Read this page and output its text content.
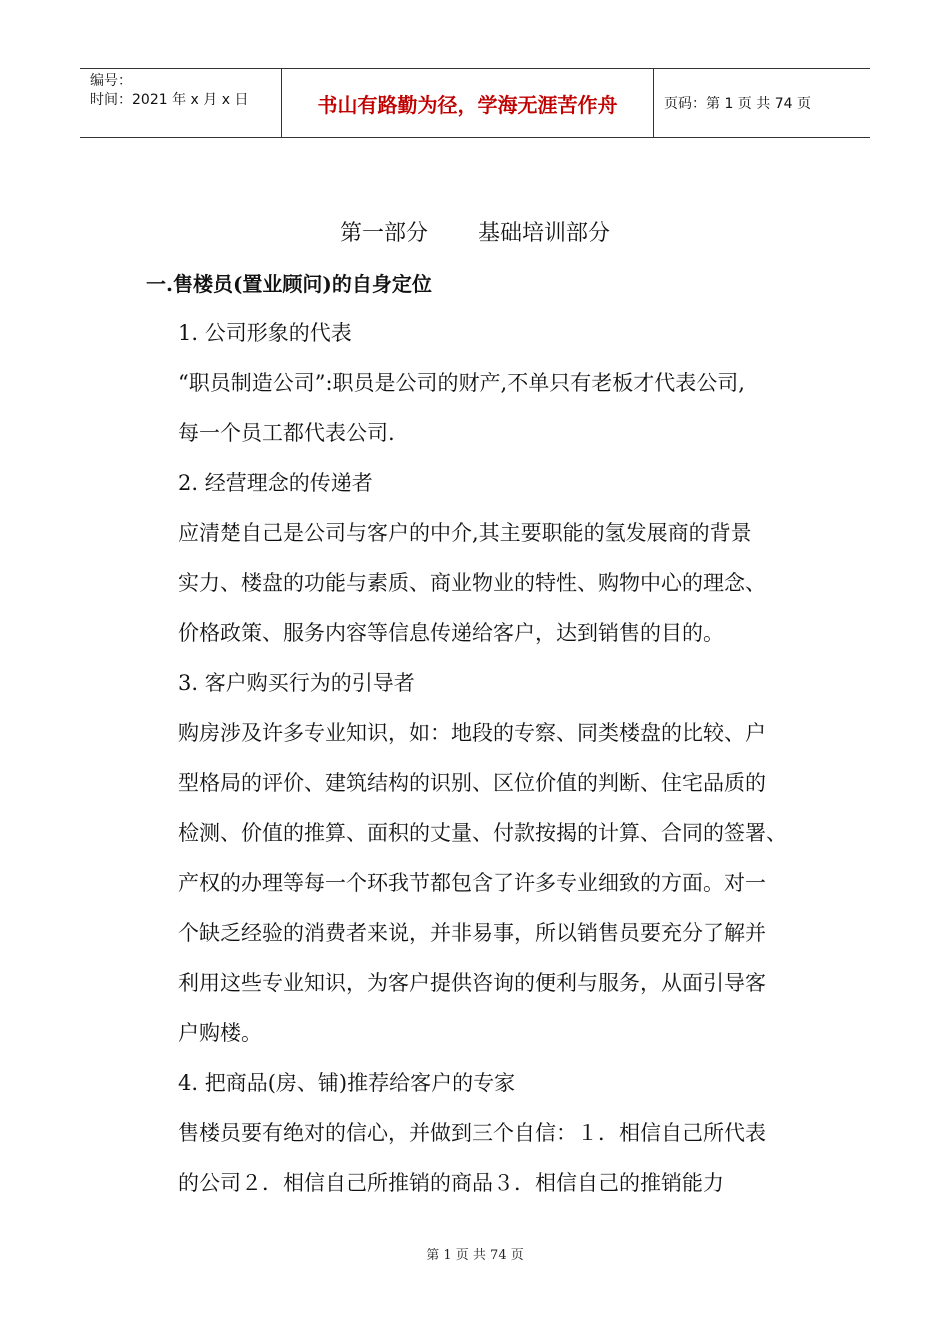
编号：
时间：2021 年 x 月 x 日	书山有路勤为径，学海无涯苦作舟	页码：第 1 页 共 74 页
第一部分 基础培训部分
一.售楼员(置业顾问)的自身定位
1. 公司形象的代表
“职员制造公司”:职员是公司的财产,不单只有老板才代表公司,
每一个员工都代表公司.
2. 经营理念的传递者
应清楚自己是公司与客户的中介,其主要职能的氢发展商的背景
实力、楼盘的功能与素质、商业物业的特性、购物中心的理念、
价格政策、服务内容等信息传递给客户，达到销售的目的。
3. 客户购买行为的引导者
购房涉及许多专业知识，如：地段的专察、同类楼盘的比较、户
型格局的评价、建筑结构的识别、区位价值的判断、住宅品质的
检测、价值的推算、面积的丈量、付款按揭的计算、合同的签署、
产权的办理等每一个环我节都包含了许多专业细致的方面。对一
个缺乏经验的消费者来说，并非易事，所以销售员要充分了解并
利用这些专业知识，为客户提供咨询的便利与服务，从面引导客
户购楼。
4. 把商品(房、铺)推荐给客户的专家
售楼员要有绝对的信心，并做到三个自信：１．相信自己所代表
的公司２．相信自己所推销的商品３．相信自己的推销能力
第 1 页 共 74 页
